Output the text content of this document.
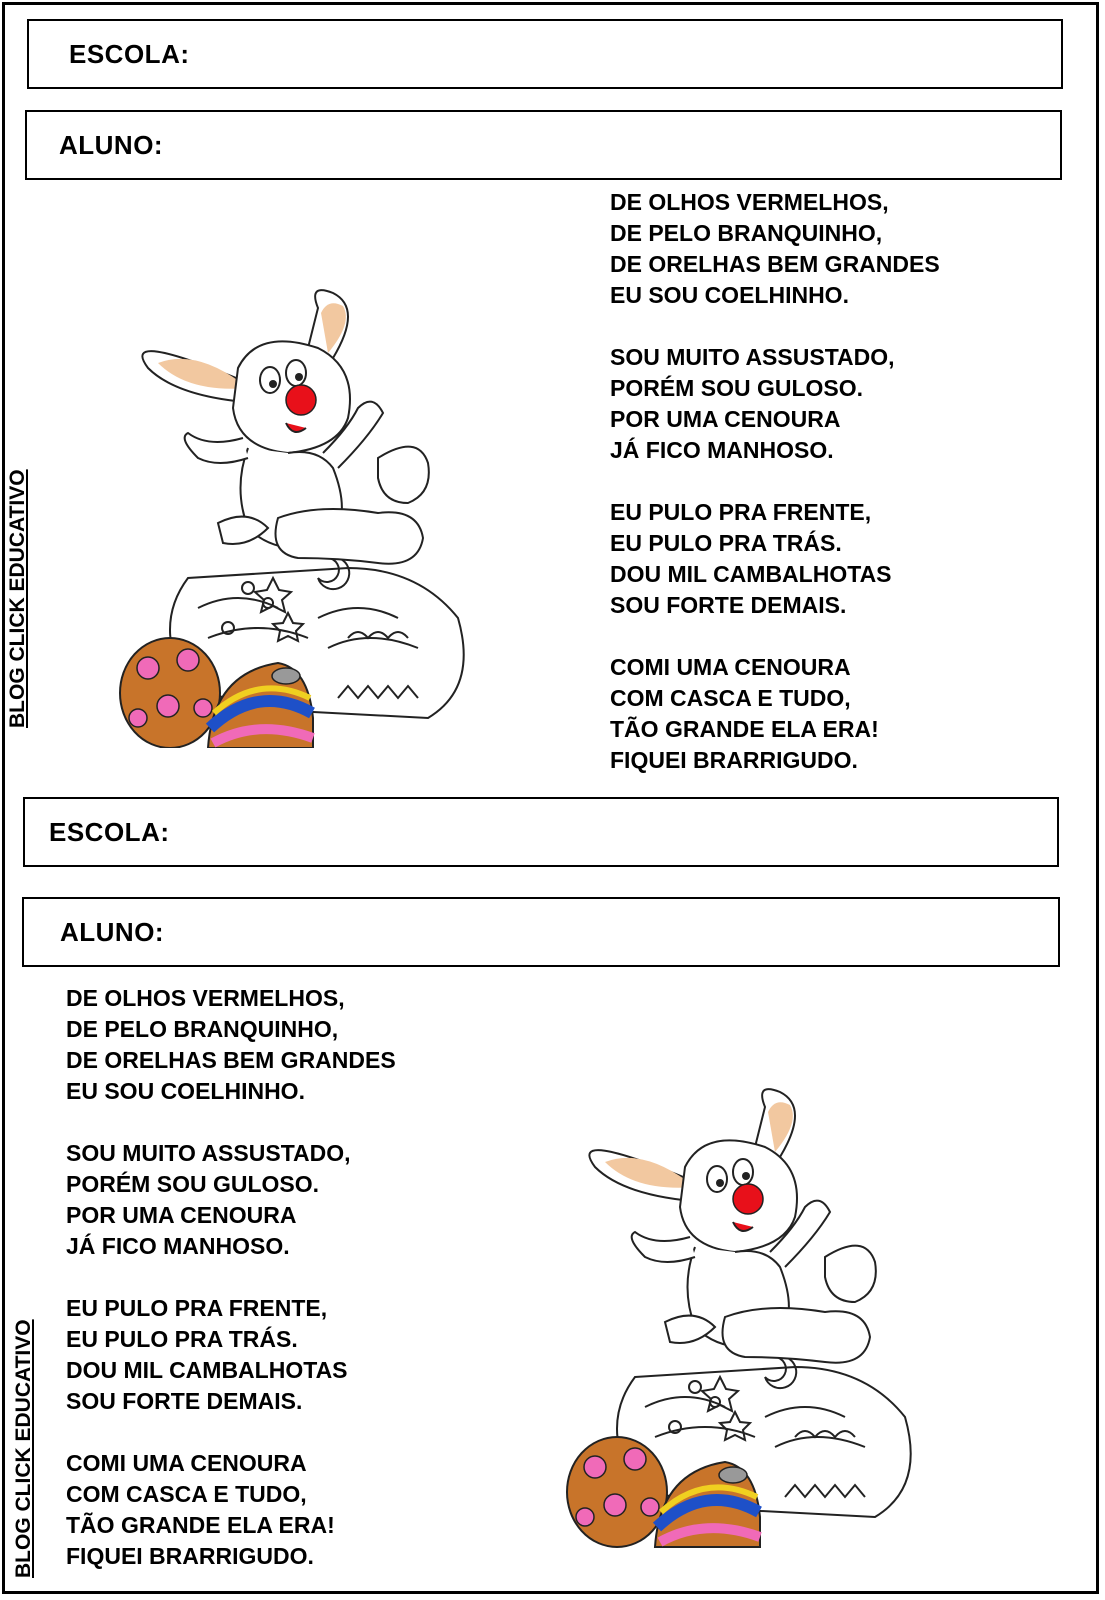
ESCOLA:
ALUNO:
DE OLHOS VERMELHOS,
DE PELO BRANQUINHO,
DE ORELHAS BEM GRANDES
EU SOU COELHINHO.
SOU MUITO ASSUSTADO,
PORÉM SOU GULOSO.
POR UMA CENOURA
JÁ FICO MANHOSO.
EU PULO PRA FRENTE,
EU PULO PRA TRÁS.
DOU MIL CAMBALHOTAS
SOU FORTE DEMAIS.
COMI UMA CENOURA
COM CASCA E TUDO,
TÃO GRANDE ELA ERA!
FIQUEI BRARRIGUDO.
BLOG CLICK EDUCATIVO
ESCOLA:
ALUNO:
DE OLHOS VERMELHOS,
DE PELO BRANQUINHO,
DE ORELHAS BEM GRANDES
EU SOU COELHINHO.
SOU MUITO ASSUSTADO,
PORÉM SOU GULOSO.
POR UMA CENOURA
JÁ FICO MANHOSO.
EU PULO PRA FRENTE,
EU PULO PRA TRÁS.
DOU MIL CAMBALHOTAS
SOU FORTE DEMAIS.
COMI UMA CENOURA
COM CASCA E TUDO,
TÃO GRANDE ELA ERA!
FIQUEI BRARRIGUDO.
BLOG CLICK EDUCATIVO
